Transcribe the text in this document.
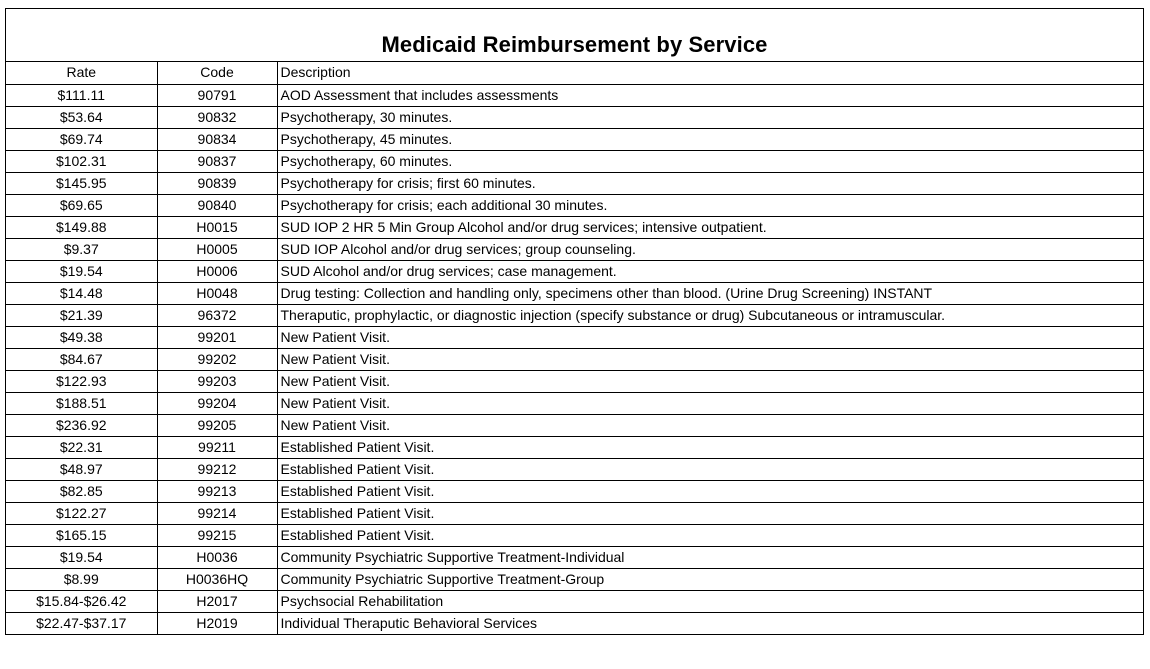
Medicaid Reimbursement by Service
Rate	Code	Description
$111.11	90791	AOD Assessment that includes assessments
$53.64	90832	Psychotherapy, 30 minutes.
$69.74	90834	Psychotherapy, 45 minutes.
$102.31	90837	Psychotherapy, 60 minutes.
$145.95	90839	Psychotherapy for crisis; first 60 minutes.
$69.65	90840	Psychotherapy for crisis; each additional 30 minutes.
$149.88	H0015	SUD IOP 2 HR 5 Min Group Alcohol and/or drug services; intensive outpatient.
$9.37	H0005	SUD IOP Alcohol and/or drug services; group counseling.
$19.54	H0006	SUD Alcohol and/or drug services; case management.
$14.48	H0048	Drug testing: Collection and handling only, specimens other than blood. (Urine Drug Screening) INSTANT
$21.39	96372	Theraputic, prophylactic, or diagnostic injection (specify substance or drug) Subcutaneous or intramuscular.
$49.38	99201	New Patient Visit.
$84.67	99202	New Patient Visit.
$122.93	99203	New Patient Visit.
$188.51	99204	New Patient Visit.
$236.92	99205	New Patient Visit.
$22.31	99211	Established Patient Visit.
$48.97	99212	Established Patient Visit.
$82.85	99213	Established Patient Visit.
$122.27	99214	Established Patient Visit.
$165.15	99215	Established Patient Visit.
$19.54	H0036	Community Psychiatric Supportive Treatment-Individual
$8.99	H0036HQ	Community Psychiatric Supportive Treatment-Group
$15.84-$26.42	H2017	Psychsocial Rehabilitation
$22.47-$37.17	H2019	Individual Theraputic Behavioral Services
